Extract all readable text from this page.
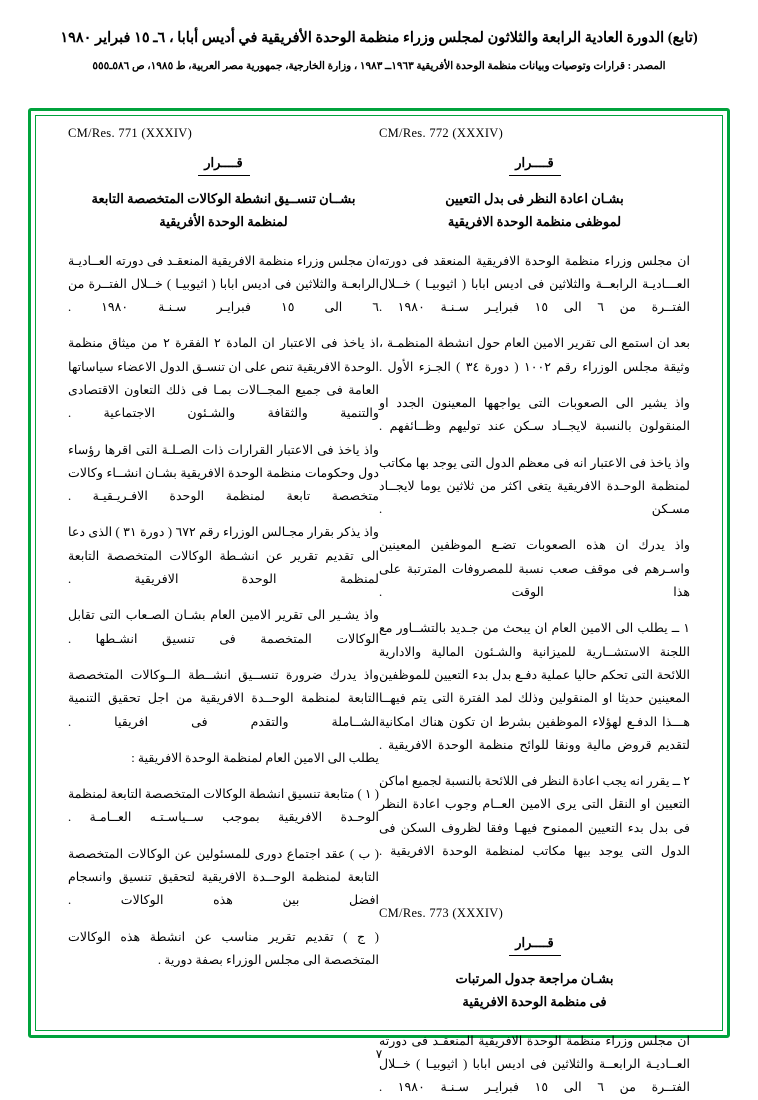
(تابع) الدورة العادية الرابعة والثلاثون لمجلس وزراء منظمة الوحدة الأفريقية في أديس أبابا ، ٦ـ ١٥ فبراير ١٩٨٠
المصدر : قرارات وتوصيات وبيانات منظمة الوحدة الأفريقية ١٩٦٣ــ ١٩٨٣ ، وزارة الخارجية، جمهورية مصر العربية، ط ١٩٨٥، ص ٥٨٦ـ٥٥٥
CM/Res. 771 (XXXIV)
قــــرار
بشــان تنســيق انشطة الوكالات المتخصصة التابعة
لمنظمة الوحدة الأفريقية

ان مجلس وزراء منظمة الافريقية المنعقـد فى دورته العــاديـة الرابعـة والثلاثين فى اديس ابابا ( اثيوبيـا ) خــلال الفتــرة من ٦ الى ١٥ فبرايـر سـنـة ١٩٨٠ .

اذ ياخذ فى الاعتبار ان المادة ٢ الفقرة ٢ من ميثاق منظمة الوحدة الافريقية تنص على ان تنسـق الدول الاعضاء سياساتها العامة فى جميع المجــالات بمـا فى ذلك التعاون الاقتصادى والتنمية والثقافة والشـئون الاجتماعية .

واذ ياخذ فى الاعتبار القرارات ذات الصـلـة التى اقرها رؤساء دول وحكومات منظمة الوحدة الافريقية بشـان انشــاء وكالات متخصصة تابعة لمنظمة الوحدة الافـريـقيـة .

واذ يذكر بقرار مجـالس الوزراء رقم ٦٧٢ ( دورة ٣١ ) الذى دعا الى تقديم تقرير عن انشـطة الوكالات المتخصصة التابعة لمنظمة الوحدة الافريقية .

واذ يشـير الى تقرير الامين العام بشـان الصـعاب التى تقابل الوكالات المتخصمة فى تنسيق انشـطها .

واذ يدرك ضرورة تنســيق انشــطة الــوكالات المتخصصة التابعة لمنظمة الوحــدة الافريقية من اجل تحقيق التنمية الشــاملة والتقدم فى افريقيا .

يطلب الى الامين العام لمنظمة الوحدة الافريقية :

( ١ ) متابعة تنسيق انشطة الوكالات المتخصصة التابعة لمنظمة الوحـدة الافريقية بموجب ســياسـتـه العــامـة .

( ب ) عقد اجتماع دورى للمسئولين عن الوكالات المتخصصة التابعة لمنظمة الوحــدة الافريقية لتحقيق تنسيق وانسجام افضل بين هذه الوكالات .

( ج ) تقديم تقرير مناسب عن انشطة هذه الوكالات المتخصصة الى مجلس الوزراء بصفة دورية .

CM/Res. 772 (XXXIV)
قــــرار
بشـان اعادة النظر فى بدل التعيين
لموظفى منظمة الوحدة الافريقية

ان مجلس وزراء منظمة الوحدة الافريقية المنعقد فى دورته العـــاديـة الرابعــة والثلاثين فى اديس ابابا ( اثيوبيـا ) خــلال الفتــرة من ٦ الى ١٥ فبرايـر سـنـة ١٩٨٠ .

بعد ان استمع الى تقرير الامين العام حول انشطة المنظمـة ، وثيقة مجلس الوزراء رقم ١٠٠٢ ( دورة ٣٤ ) الجـزء الأول .

واذ يشير الى الصعوبات التى يواجهها المعينون الجدد او المنقولون بالنسبة لايجــاد سـكن عند توليهم وظــائفهم .

واذ ياخذ فى الاعتبار انه فى معظم الدول التى يوجد بها مكاتب لمنظمة الوحـدة الافريقية يتغى اكثر من ثلاثين يوما لايجــاد مسـكن .

واذ يدرك ان هذه الصعوبات تضـع الموظفين المعينين واسـرهم فى موقف صعب نسبة للمصروفات المترتبة على هذا الوقت .

١ ــ يطلب الى الامين العام ان يبحث من جـديد بالتشــاور مع اللجنة الاستشــارية للميزانية والشـئون المالية والادارية اللائحة التى تحكم حاليا عملية دفـع بدل بدء التعيين للموظفين المعينين حديثا او المنقولين وذلك لمد الفترة التى يتم فيهــا هـــذا الدفـع لهؤلاء الموظفين بشرط ان تكون هناك امكانية لتقديم قروض مالية وونقا للوائح منظمة الوحدة الافريقية .

٢ ــ يقرر انه يجب اعادة النظر فى اللائحة بالنسبة لجميع اماكن التعيين او النقل التى يرى الامين العــام وجوب اعادة النظر فى بدل بدء التعيين الممنوح فيهـا وفقا لظروف السكن فى الدول التى يوجد بيها مكاتب لمنظمة الوحدة الافريقية .

CM/Res. 773 (XXXIV)
قــــرار
بشـان مراجعة جدول المرتبات
فى منظمة الوحدة الافريقية

ان مجلس وزراء منظمة الوحدة الافريقية المنعقـد فى دورته العــاديـة الرابعــة والثلاثين فى اديس ابابا ( اثيوبيـا ) خــلال الفتــرة من ٦ الى ١٥ فبرايـر سـنـة ١٩٨٠ .

٧
